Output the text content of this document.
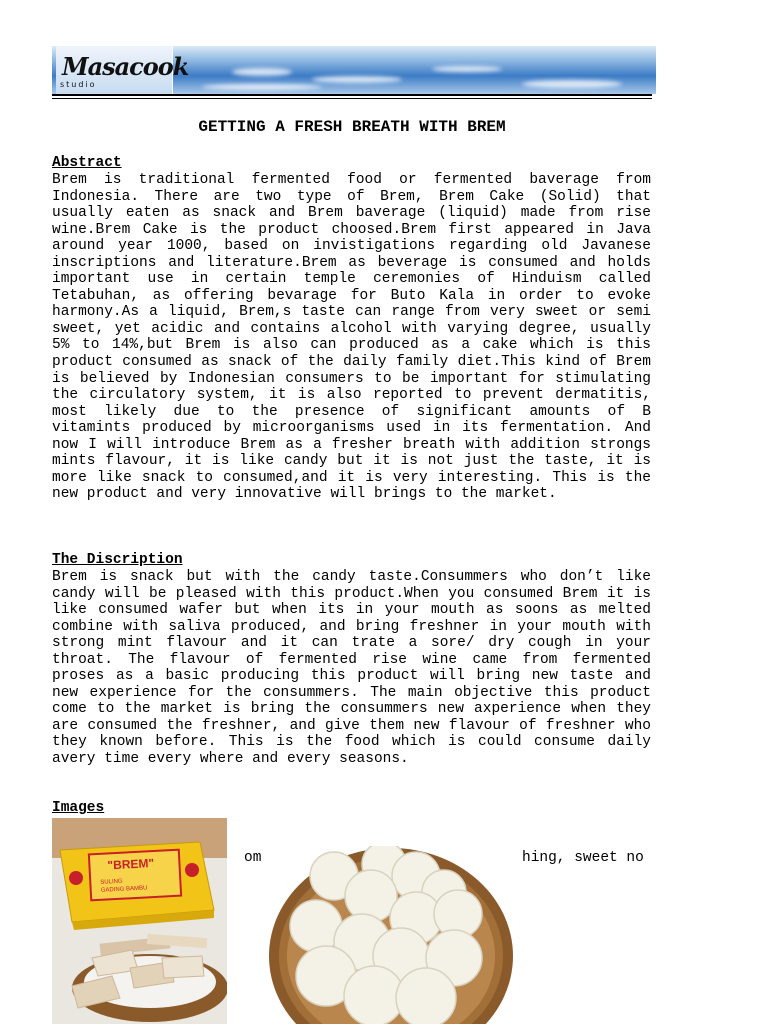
Masacook
studio
GETTING A FRESH BREATH WITH BREM
Abstract

Brem is traditional fermented food or fermented baverage from Indonesia. There are two type of Brem, Brem Cake (Solid) that usually eaten as snack and Brem baverage (liquid) made from rise wine.Brem Cake is the product choosed.Brem first appeared in Java around year 1000, based on invistigations regarding old Javanese inscriptions and literature.Brem as beverage is consumed and holds important use in certain temple ceremonies of Hinduism called Tetabuhan, as offering bevarage for Buto Kala in order to evoke harmony.As a liquid, Brem,s taste can range from very sweet or semi sweet, yet acidic and contains alcohol with varying degree, usually 5% to 14%,but Brem is also can produced as a cake which is this product consumed as snack of the daily family diet.This kind of Brem is believed by Indonesian consumers to be important for stimulating the circulatory system, it is also reported to prevent dermatitis, most likely due to the presence of significant amounts of B vitamints produced by microorganisms used in its fermentation. And now I will introduce Brem as a fresher breath with addition strongs mints flavour, it is like candy but it is not just the taste, it is more like snack to consumed,and it is very interesting. This is the new product and very innovative will brings to the market.

The Discription

Brem is snack but with the candy taste.Consummers who don’t like candy will be pleased with this product.When you consumed Brem it is like consumed wafer but when its in your mouth as soons as melted combine with saliva produced, and bring freshner in your mouth with strong mint flavour and it can trate a sore/ dry cough in your throat. The flavour of fermented rise wine came from fermented proses as a basic producing this product will bring new taste and new experience for the consummers. The main objective this product come to the market is bring the consummers new axperience when they are consumed the freshner, and give them new flavour of freshner who they known before. This is the food which is could consume daily avery time every where and every seasons.

Images
om	hing, sweet no
"BREM"
SULING
GADING BAMBU
